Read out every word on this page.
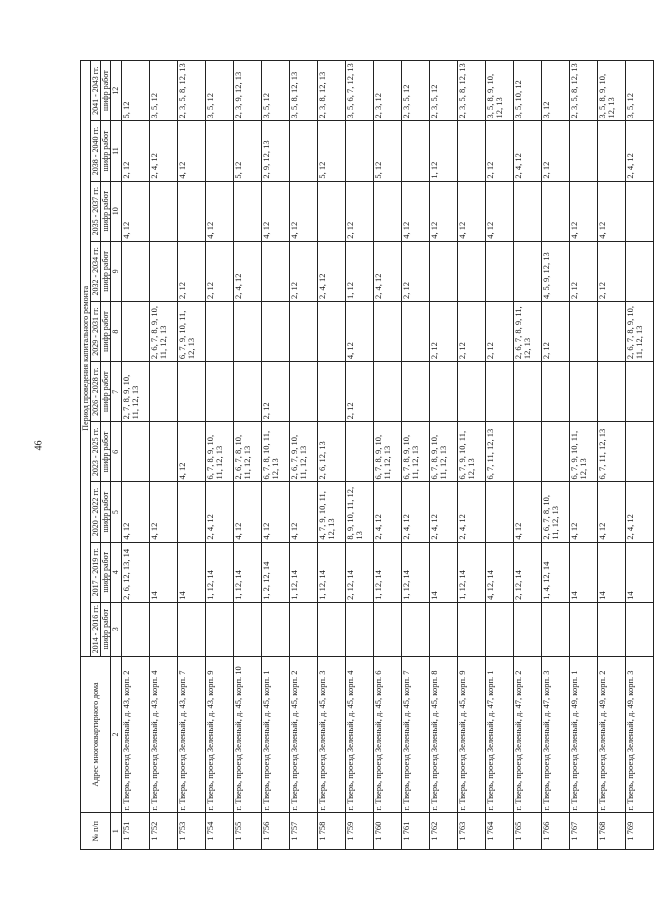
46
№ п/п	Адрес многоквартирного дома	Период проведения капитального ремонта									
		2014 - 2016 гг.	2017 - 2019 гг.	2020 - 2022 гг.	2023 - 2025 гг.	2026 - 2028 гг.	2029 - 2031 гг.	2032 - 2034 гг.	2035 - 2037 гг.	2038 - 2040 гг.	2041 - 2043 гг.
		шифр работ	шифр работ	шифр работ	шифр работ	шифр работ	шифр работ	шифр работ	шифр работ	шифр работ	шифр работ
1	2	3	4	5	6	7	8	9	10	11	12
1 751	г. Тверь, проезд Зеленый, д. 43, корп. 2		2, 6, 12, 13, 14	4, 12		2, 7, 8, 9, 10, 11, 12, 13			4, 12	2, 12	5, 12
1 752	г. Тверь, проезд Зеленый, д. 43, корп. 4		14	4, 12			2, 6, 7, 8, 9, 10, 11, 12, 13			2, 4, 12	3, 5, 12
1 753	г. Тверь, проезд Зеленый, д. 43, корп. 7		14		4, 12		6, 7, 9, 10, 11, 12, 13	2, 12		4, 12	2, 3, 5, 8, 12, 13
1 754	г. Тверь, проезд Зеленый, д. 43, корп. 9		1, 12, 14	2, 4, 12	6, 7, 8, 9, 10, 11, 12, 13			2, 12	4, 12		3, 5, 12
1 755	г. Тверь, проезд Зеленый, д. 45, корп. 10		1, 12, 14	4, 12	2, 6, 7, 8, 10, 11, 12, 13			2, 4, 12		5, 12	2, 3, 9, 12, 13
1 756	г. Тверь, проезд Зеленый, д. 45, корп. 1		1, 2, 12, 14	4, 12	6, 7, 8, 10, 11, 12, 13	2, 12			4, 12	2, 9, 12, 13	3, 5, 12
1 757	г. Тверь, проезд Зеленый, д. 45, корп. 2		1, 12, 14	4, 12	2, 6, 7, 9, 10, 11, 12, 13			2, 12	4, 12		3, 5, 8, 12, 13
1 758	г. Тверь, проезд Зеленый, д. 45, корп. 3		1, 12, 14	4, 7, 9, 10, 11, 12, 13	2, 6, 12, 13			2, 4, 12		5, 12	2, 3, 8, 12, 13
1 759	г. Тверь, проезд Зеленый, д. 45, корп. 4		2, 12, 14	8, 9, 10, 11, 12, 13		2, 12	4, 12	1, 12	2, 12		3, 5, 6, 7, 12, 13
1 760	г. Тверь, проезд Зеленый, д. 45, корп. 6		1, 12, 14	2, 4, 12	6, 7, 8, 9, 10, 11, 12, 13			2, 4, 12		5, 12	2, 3, 12
1 761	г. Тверь, проезд Зеленый, д. 45, корп. 7		1, 12, 14	2, 4, 12	6, 7, 8, 9, 10, 11, 12, 13			2, 12	4, 12		2, 3, 5, 12
1 762	г. Тверь, проезд Зеленый, д. 45, корп. 8		14	2, 4, 12	6, 7, 8, 9, 10, 11, 12, 13		2, 12		4, 12	1, 12	2, 3, 5, 12
1 763	г. Тверь, проезд Зеленый, д. 45, корп. 9		1, 12, 14	2, 4, 12	6, 7, 9, 10, 11, 12, 13		2, 12		4, 12		2, 3, 5, 8, 12, 13
1 764	г. Тверь, проезд Зеленый, д. 47, корп. 1		4, 12, 14		6, 7, 11, 12, 13		2, 12		4, 12	2, 12	3, 5, 8, 9, 10, 12, 13
1 765	г. Тверь, проезд Зеленый, д. 47, корп. 2		2, 12, 14	4, 12			2, 6, 7, 8, 9, 11, 12, 13			2, 4, 12	3, 5, 10, 12
1 766	г. Тверь, проезд Зеленый, д. 47, корп. 3		1, 4, 12, 14	2, 6, 7, 8, 10, 11, 12, 13			2, 12	4, 5, 9, 12, 13		2, 12	3, 12
1 767	г. Тверь, проезд Зеленый, д. 49, корп. 1		14	4, 12	6, 7, 9, 10, 11, 12, 13			2, 12	4, 12		2, 3, 5, 8, 12, 13
1 768	г. Тверь, проезд Зеленый, д. 49, корп. 2		14	4, 12	6, 7, 11, 12, 13			2, 12	4, 12		3, 5, 8, 9, 10, 12, 13
1 769	г. Тверь, проезд Зеленый, д. 49, корп. 3		14	2, 4, 12			2, 6, 7, 8, 9, 10, 11, 12, 13			2, 4, 12	3, 5, 12
